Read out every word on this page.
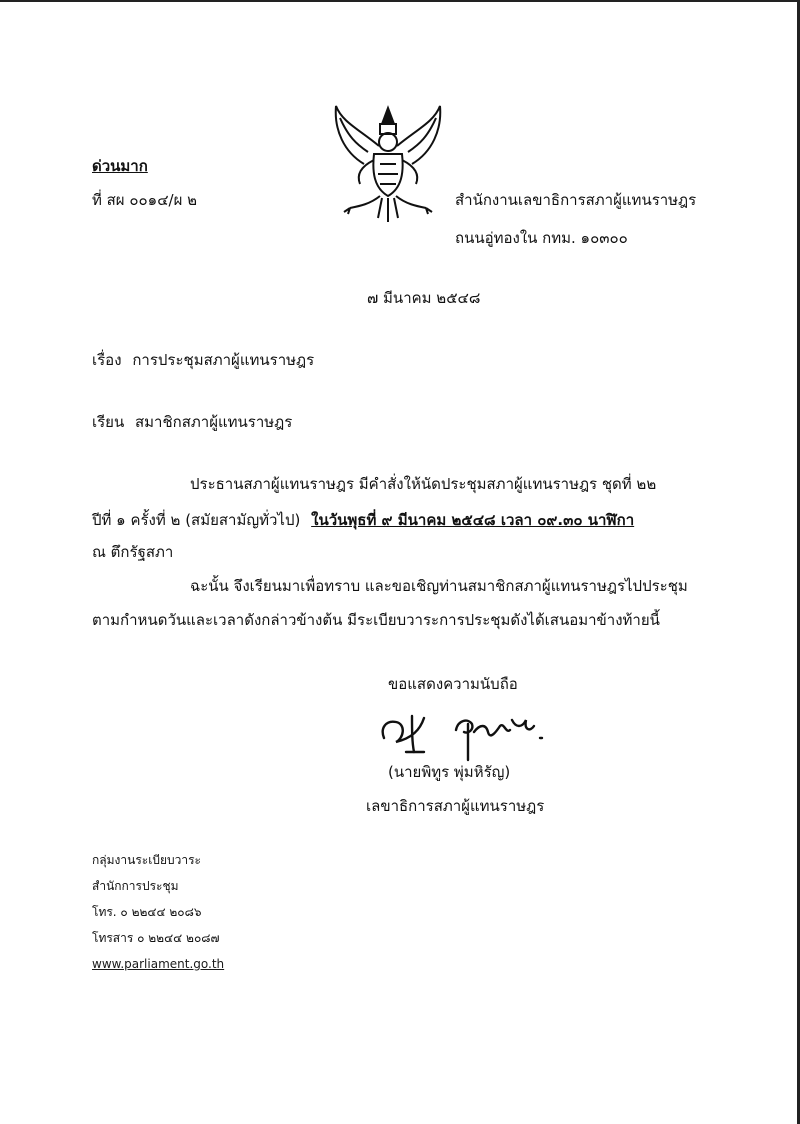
ด่วนมาก
ที่ สผ ๐๐๑๔/ผ ๒	สำนักงานเลขาธิการสภาผู้แทนราษฎร
ถนนอู่ทองใน กทม. ๑๐๓๐๐
๗ มีนาคม ๒๕๔๘
เรื่อง การประชุมสภาผู้แทนราษฎร
เรียน สมาชิกสภาผู้แทนราษฎร
ประธานสภาผู้แทนราษฎร มีคำสั่งให้นัดประชุมสภาผู้แทนราษฎร ชุดที่ ๒๒
ปีที่ ๑ ครั้งที่ ๒ (สมัยสามัญทั่วไป) ในวันพุธที่ ๙ มีนาคม ๒๕๔๘ เวลา ๐๙.๓๐ นาฬิกา
ณ ตึกรัฐสภา
ฉะนั้น จึงเรียนมาเพื่อทราบ และขอเชิญท่านสมาชิกสภาผู้แทนราษฎรไปประชุม
ตามกำหนดวันและเวลาดังกล่าวข้างต้น มีระเบียบวาระการประชุมดังได้เสนอมาข้างท้ายนี้
ขอแสดงความนับถือ
(นายพิทูร พุ่มหิรัญ)
เลขาธิการสภาผู้แทนราษฎร
กลุ่มงานระเบียบวาระ
สำนักการประชุม
โทร. ๐ ๒๒๔๔ ๒๐๘๖
โทรสาร ๐ ๒๒๔๔ ๒๐๘๗
www.parliament.go.th
